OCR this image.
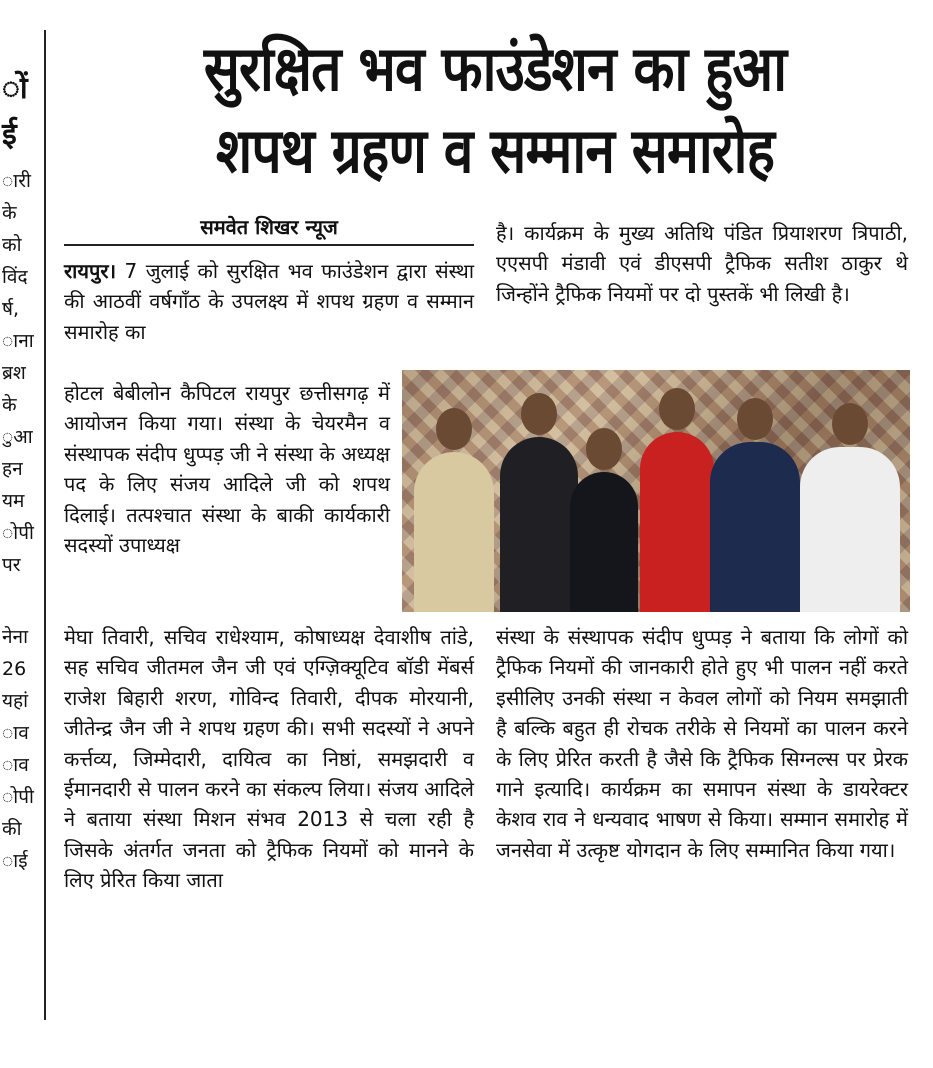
ों
ई
ारी
के
को
विंद
र्ष,
ाना
ब्रश
के
ुआ
हन
यम
ोपी
पर
नेना
26
यहां
ाव
ाव
ोपी
की
ाई
सुरक्षित भव फाउंडेशन का हुआ
शपथ ग्रहण व सम्मान समारोह
समवेत शिखर न्यूज

रायपुर। 7 जुलाई को सुरक्षित भव फाउंडेशन द्वारा संस्था की आठवीं वर्षगाँठ के उपलक्ष्य में शपथ ग्रहण व सम्मान समारोह का

होटल बेबीलोन कैपिटल रायपुर छत्तीसगढ़ में आयोजन किया गया। संस्था के चेयरमैन व संस्थापक संदीप धुप्पड़ जी ने संस्था के अध्यक्ष पद के लिए संजय आदिले जी को शपथ दिलाई। तत्पश्चात संस्था के बाकी कार्यकारी सदस्यों उपाध्यक्ष

मेघा तिवारी, सचिव राधेश्याम, कोषाध्यक्ष देवाशीष तांडे, सह सचिव जीतमल जैन जी एवं एग्ज़िक्यूटिव बॉडी मेंबर्स राजेश बिहारी शरण, गोविन्द तिवारी, दीपक मोरयानी, जीतेन्द्र जैन जी ने शपथ ग्रहण की। सभी सदस्यों ने अपने कर्त्तव्य, जिम्मेदारी, दायित्व का निष्ठां, समझदारी व ईमानदारी से पालन करने का संकल्प लिया। संजय आदिले ने बताया संस्था मिशन संभव 2013 से चला रही है जिसके अंतर्गत जनता को ट्रैफिक नियमों को मानने के लिए प्रेरित किया जाता

है। कार्यक्रम के मुख्य अतिथि पंडित प्रियाशरण त्रिपाठी, एएसपी मंडावी एवं डीएसपी ट्रैफिक सतीश ठाकुर थे जिन्होंने ट्रैफिक नियमों पर दो पुस्तकें भी लिखी है।

संस्था के संस्थापक संदीप धुप्पड़ ने बताया कि लोगों को ट्रैफिक नियमों की जानकारी होते हुए भी पालन नहीं करते इसीलिए उनकी संस्था न केवल लोगों को नियम समझाती है बल्कि बहुत ही रोचक तरीके से नियमों का पालन करने के लिए प्रेरित करती है जैसे कि ट्रैफिक सिग्नल्स पर प्रेरक गाने इत्यादि। कार्यक्रम का समापन संस्था के डायरेक्टर केशव राव ने धन्यवाद भाषण से किया। सम्मान समारोह में जनसेवा में उत्कृष्ट योगदान के लिए सम्मानित किया गया।
